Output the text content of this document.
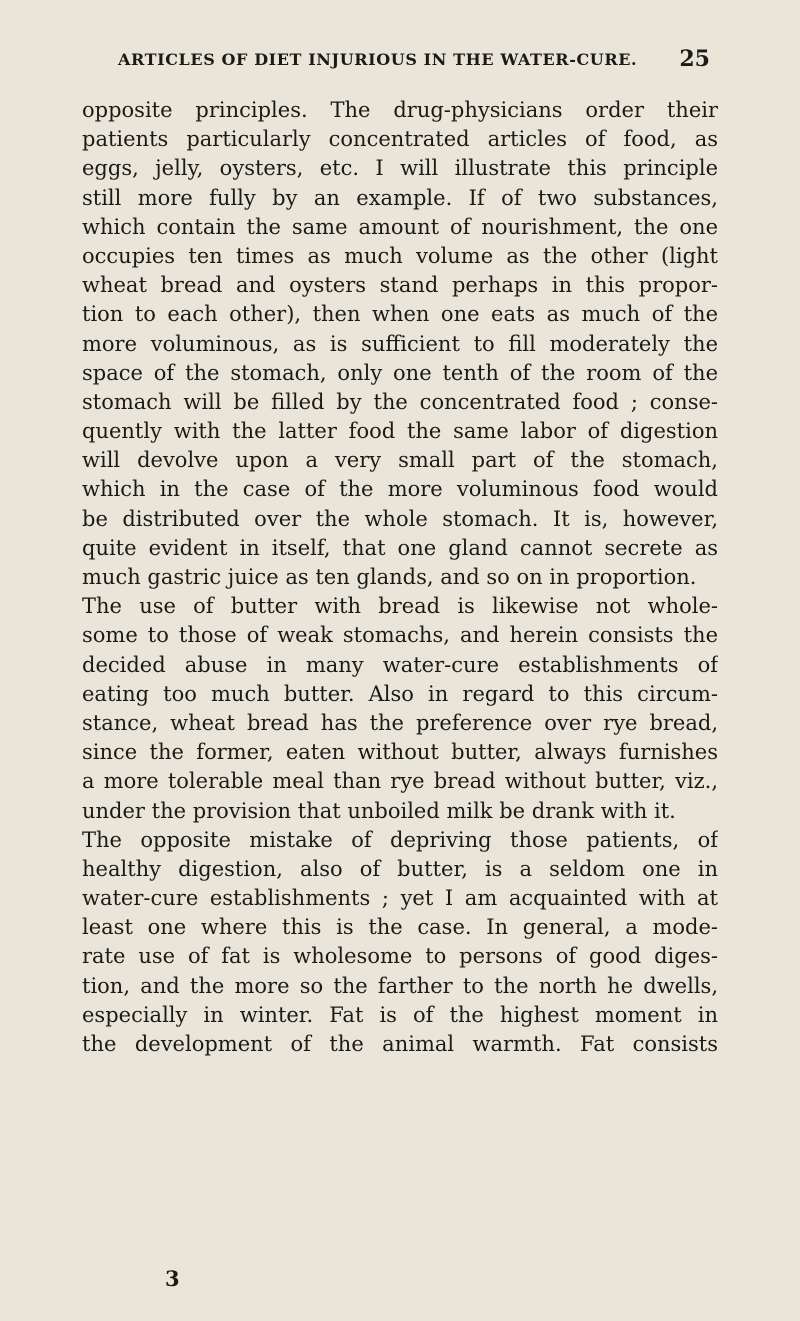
ARTICLES OF DIET INJURIOUS IN THE WATER-CURE. 25
opposite principles. The drug-physicians order their
patients particularly concentrated articles of food, as
eggs, jelly, oysters, etc. I will illustrate this principle
still more fully by an example. If of two substances,
which contain the same amount of nourishment, the one
occupies ten times as much volume as the other (light
wheat bread and oysters stand perhaps in this propor-
tion to each other), then when one eats as much of the
more voluminous, as is sufficient to fill moderately the
space of the stomach, only one tenth of the room of the
stomach will be filled by the concentrated food ; conse-
quently with the latter food the same labor of digestion
will devolve upon a very small part of the stomach,
which in the case of the more voluminous food would
be distributed over the whole stomach. It is, however,
quite evident in itself, that one gland cannot secrete as
much gastric juice as ten glands, and so on in proportion.
The use of butter with bread is likewise not whole-
some to those of weak stomachs, and herein consists the
decided abuse in many water-cure establishments of
eating too much butter. Also in regard to this circum-
stance, wheat bread has the preference over rye bread,
since the former, eaten without butter, always furnishes
a more tolerable meal than rye bread without butter, viz.,
under the provision that unboiled milk be drank with it.
The opposite mistake of depriving those patients, of
healthy digestion, also of butter, is a seldom one in
water-cure establishments ; yet I am acquainted with at
least one where this is the case. In general, a mode-
rate use of fat is wholesome to persons of good diges-
tion, and the more so the farther to the north he dwells,
especially in winter. Fat is of the highest moment in
the development of the animal warmth. Fat consists
3
